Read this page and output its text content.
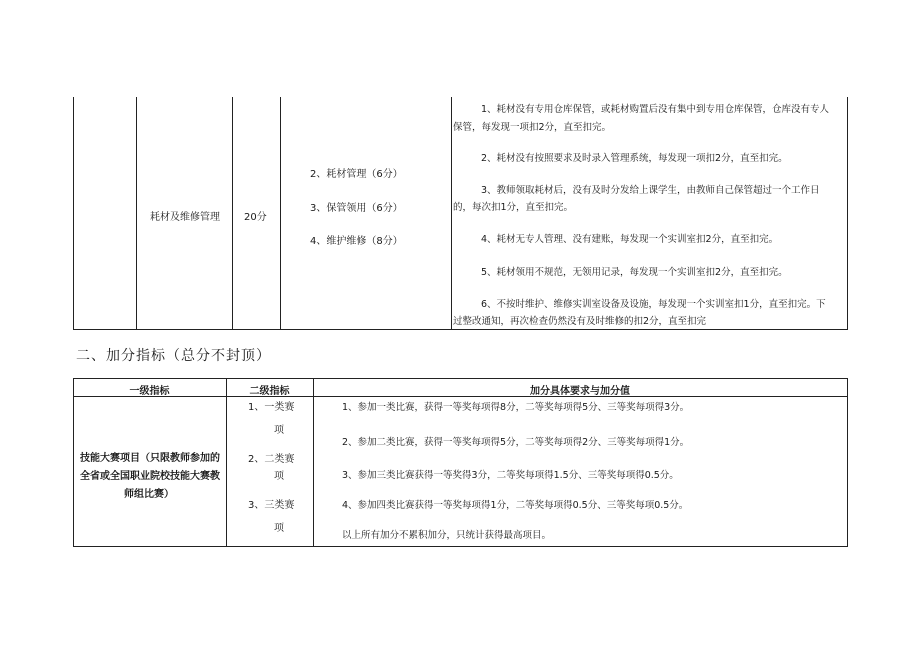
耗材及维修管理 20分
2、耗材管理（6分）
3、保管领用（6分）
4、维护维修（8分）
1、耗材没有专用仓库保管，或耗材购置后没有集中到专用仓库保管，仓库没有专人
保管，每发现一项扣2分，直至扣完。
2、耗材没有按照要求及时录入管理系统，每发现一项扣2分，直至扣完。
3、教师领取耗材后，没有及时分发给上课学生，由教师自己保管超过一个工作日
的，每次扣1分，直至扣完。
4、耗材无专人管理、没有建账，每发现一个实训室扣2分，直至扣完。
5、耗材领用不规范，无领用记录，每发现一个实训室扣2分，直至扣完。
6、不按时维护、维修实训室设备及设施，每发现一个实训室扣1分，直至扣完。下
过整改通知，再次检查仍然没有及时维修的扣2分，直至扣完
二、加分指标（总分不封顶）
一级指标	二级指标	加分具体要求与加分值
技能大赛项目（只限教师参加的
全省或全国职业院校技能大赛教
师组比赛）
1、一类赛
项
2、二类赛
项
3、三类赛
项
1、参加一类比赛，获得一等奖每项得8分，二等奖每项得5分、三等奖每项得3分。
2、参加二类比赛，获得一等奖每项得5分，二等奖每项得2分、三等奖每项得1分。
3、参加三类比赛获得一等奖得3分，二等奖每项得1.5分、三等奖每项得0.5分。
4、参加四类比赛获得一等奖每项得1分，二等奖每项得0.5分、三等奖每项0.5分。
以上所有加分不累积加分，只统计获得最高项目。
